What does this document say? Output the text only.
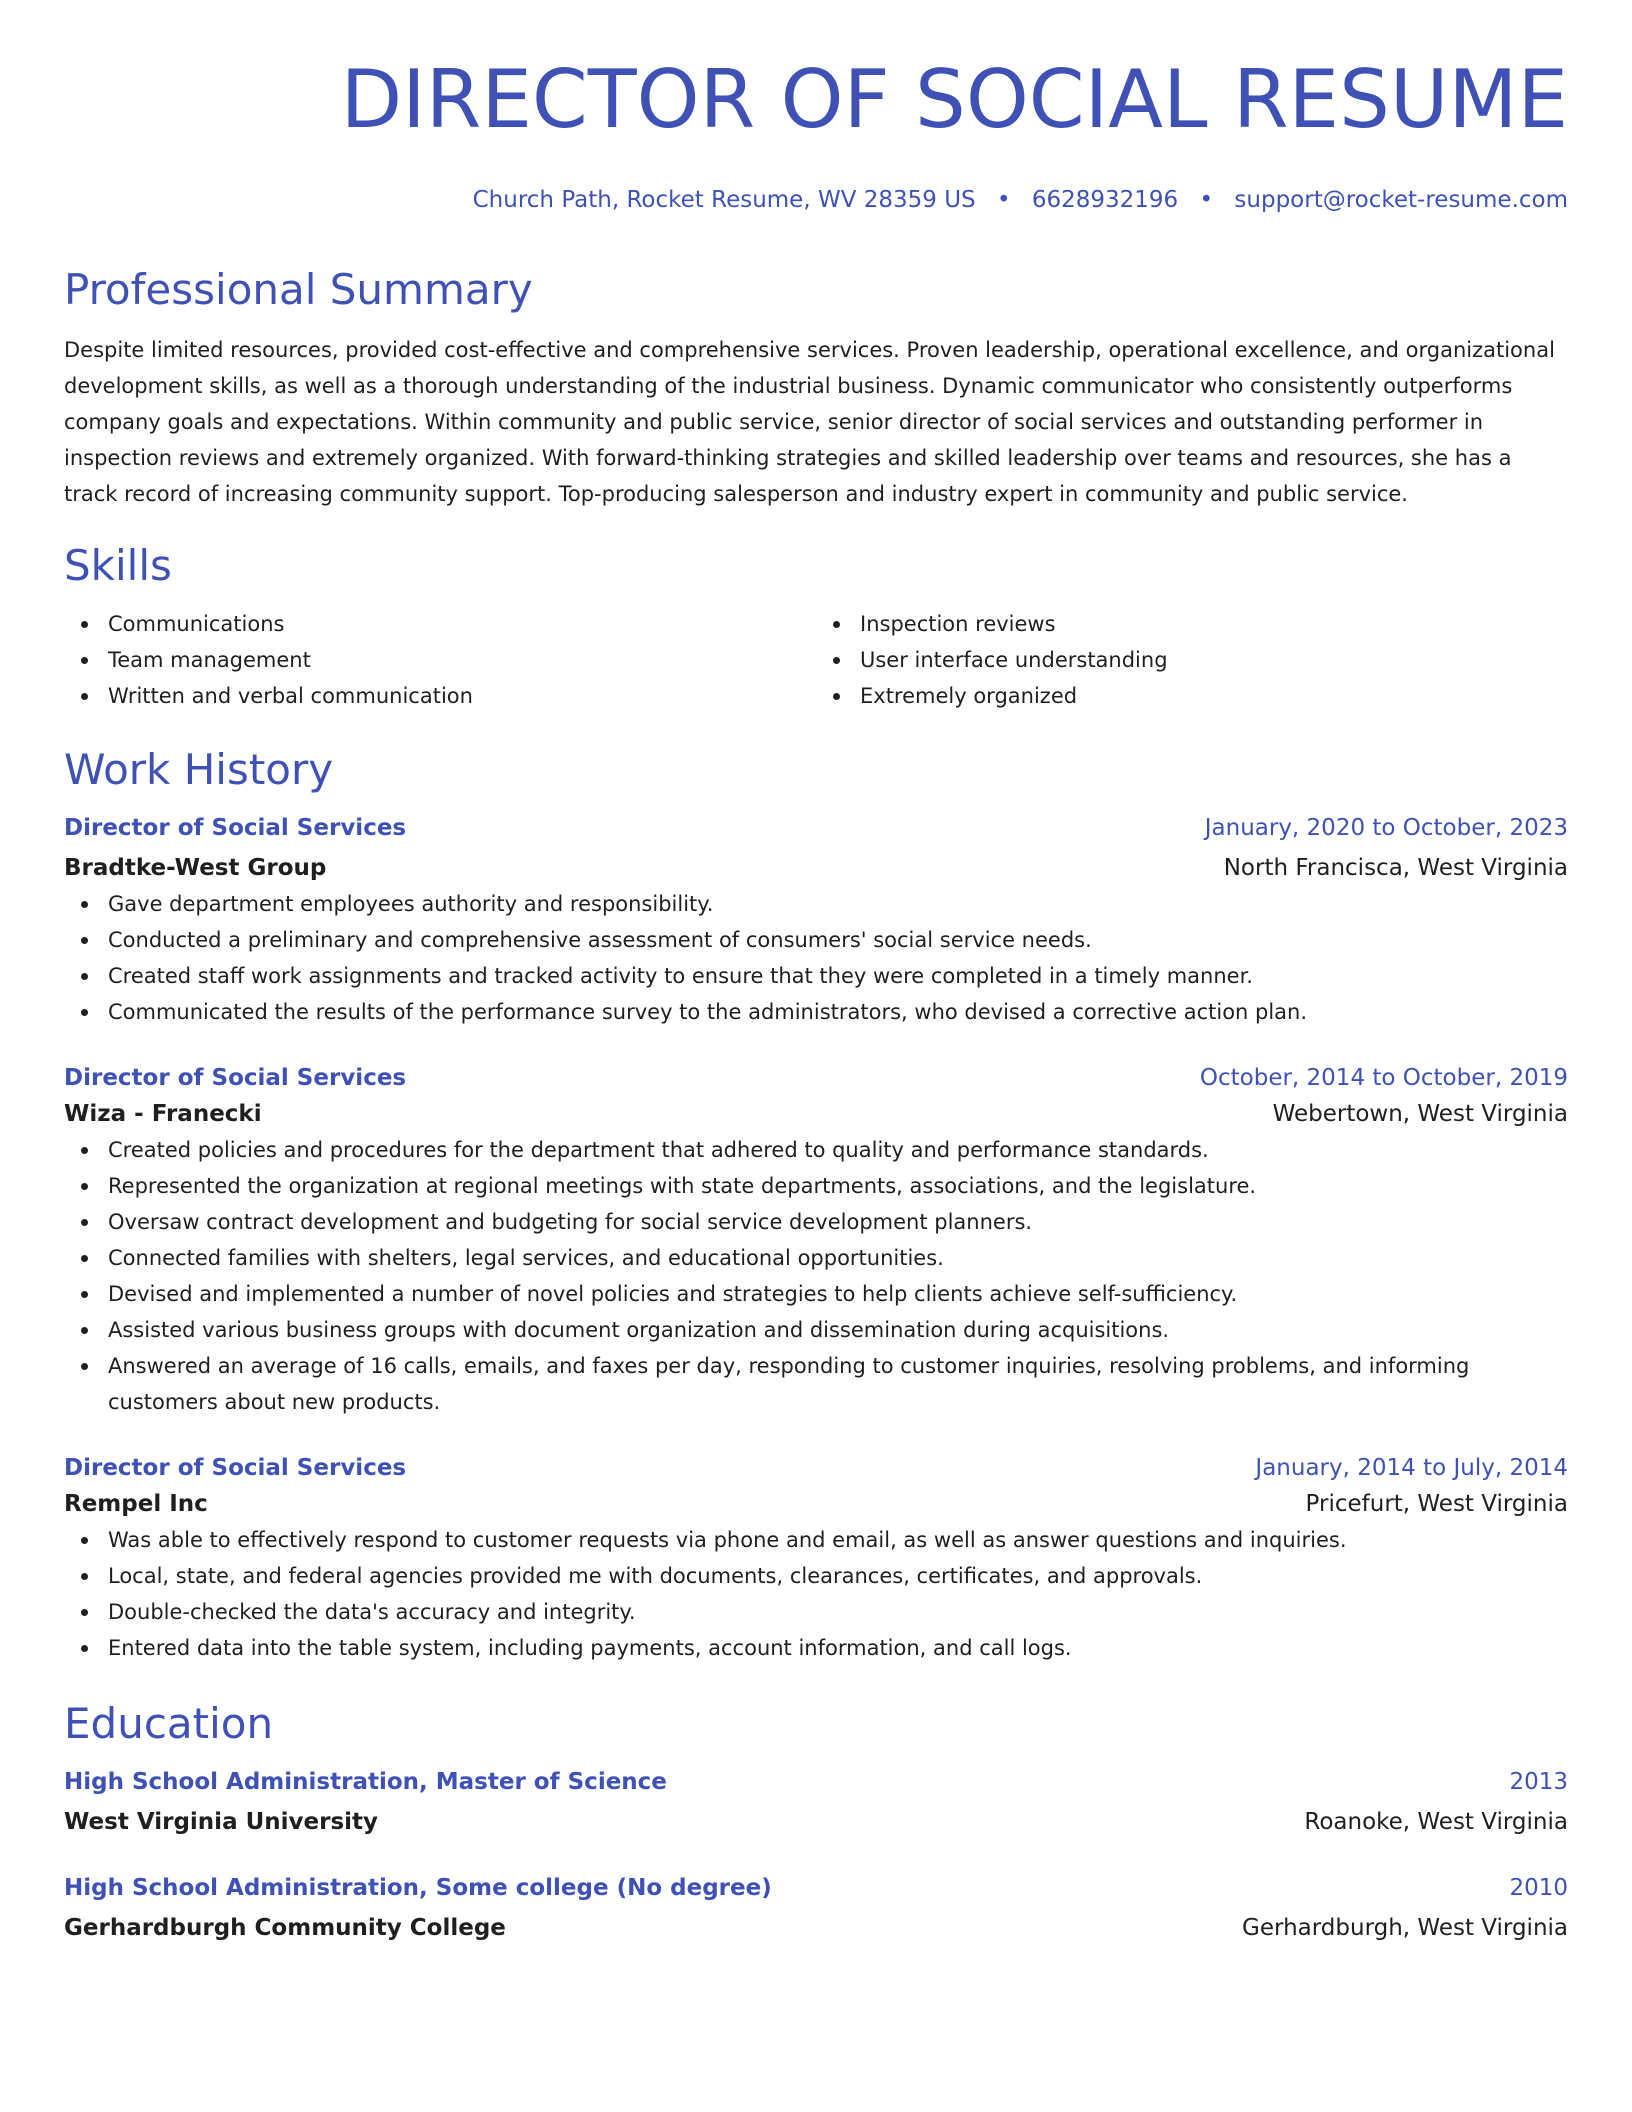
DIRECTOR OF SOCIAL RESUME
Church Path, Rocket Resume, WV 28359 US • 6628932196 • support@rocket-resume.com
Professional Summary

Despite limited resources, provided cost-effective and comprehensive services. Proven leadership, operational excellence, and organizational development skills, as well as a thorough understanding of the industrial business. Dynamic communicator who consistently outperforms company goals and expectations. Within community and public service, senior director of social services and outstanding performer in inspection reviews and extremely organized. With forward-thinking strategies and skilled leadership over teams and resources, she has a track record of increasing community support. Top-producing salesperson and industry expert in community and public service.

Skills
Communications
Team management
Written and verbal communication
Inspection reviews
User interface understanding
Extremely organized
Work History
Director of Social Services	January, 2020 to October, 2023
Bradtke-West Group	North Francisca, West Virginia
Gave department employees authority and responsibility.
Conducted a preliminary and comprehensive assessment of consumers' social service needs.
Created staff work assignments and tracked activity to ensure that they were completed in a timely manner.
Communicated the results of the performance survey to the administrators, who devised a corrective action plan.
Director of Social Services	October, 2014 to October, 2019
Wiza - Franecki	Webertown, West Virginia
Created policies and procedures for the department that adhered to quality and performance standards.
Represented the organization at regional meetings with state departments, associations, and the legislature.
Oversaw contract development and budgeting for social service development planners.
Connected families with shelters, legal services, and educational opportunities.
Devised and implemented a number of novel policies and strategies to help clients achieve self-sufficiency.
Assisted various business groups with document organization and dissemination during acquisitions.
Answered an average of 16 calls, emails, and faxes per day, responding to customer inquiries, resolving problems, and informing customers about new products.
Director of Social Services	January, 2014 to July, 2014
Rempel Inc	Pricefurt, West Virginia
Was able to effectively respond to customer requests via phone and email, as well as answer questions and inquiries.
Local, state, and federal agencies provided me with documents, clearances, certificates, and approvals.
Double-checked the data's accuracy and integrity.
Entered data into the table system, including payments, account information, and call logs.
Education
High School Administration, Master of Science	2013
West Virginia University	Roanoke, West Virginia
High School Administration, Some college (No degree)	2010
Gerhardburgh Community College	Gerhardburgh, West Virginia
